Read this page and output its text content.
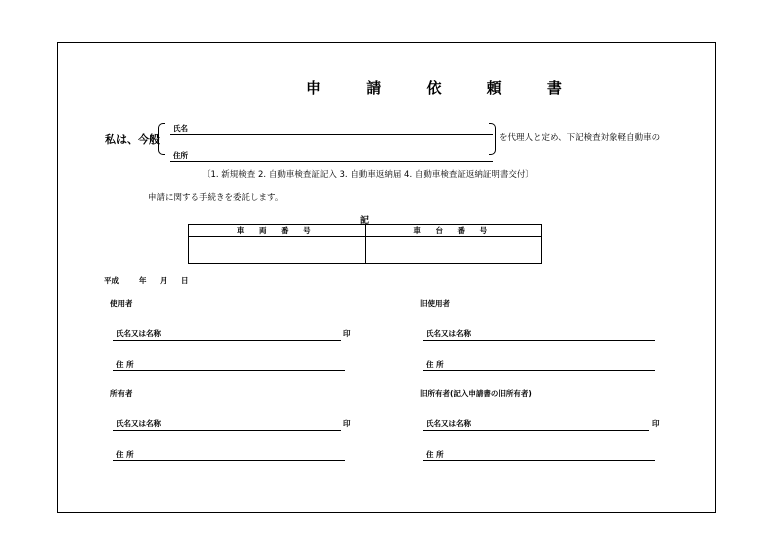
申 請 依 頼 書
私は、今般
氏名
住所
を代理人と定め、下記検査対象軽自動車の
〔1. 新規検査 2. 自動車検査証記入 3. 自動車返納届 4. 自動車検査証返納証明書交付〕
申請に関する手続きを委託します。
記
車 両 番 号	車 台 番 号

平成	年 月 日
使用者
氏名又は名称	印
住 所
所有者
氏名又は名称	印
住 所
旧使用者
氏名又は名称
住 所
旧所有者(記入申請書の旧所有者)
氏名又は名称	印
住 所
